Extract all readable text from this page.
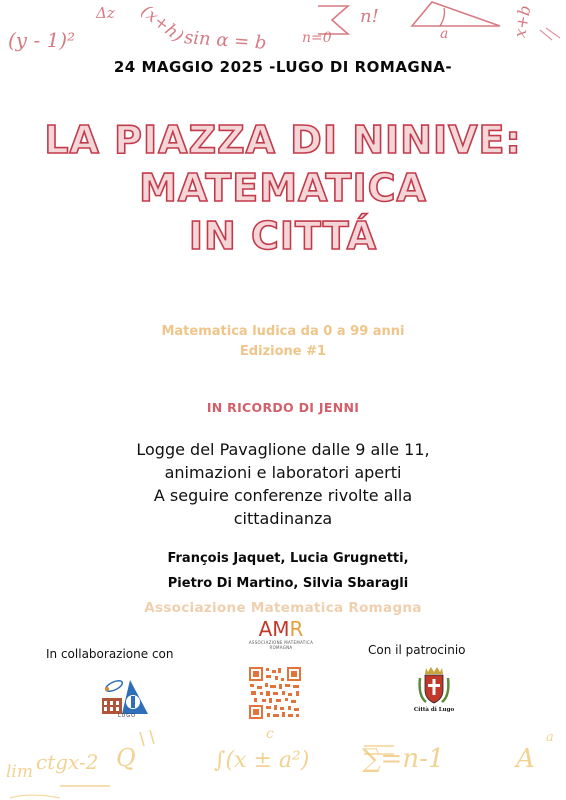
(y - 1)²
Δz (x+h)
sin α = b n=0
n!
a	x+b
24 MAGGIO 2025 -LUGO DI ROMAGNA-
LA PIAZZA DI NINIVE:
MATEMATICA
IN CITTÁ
Matematica ludica da 0 a 99 anni
Edizione #1
IN RICORDO DI JENNI
Logge del Pavaglione dalle 9 alle 11,
animazioni e laboratori aperti
A seguire conferenze rivolte alla
cittadinanza
François Jaquet, Lucia Grugnetti,
Pietro Di Martino, Silvia Sbaragli
Associazione Matematica Romagna
In collaborazione con	Con il patrocinio
AMR
ASSOCIAZIONE MATEMATICA
ROMAGNA
LUGO
Città di Lugo
lim ctgx-2 Q	∫(x ± a²)
c
∑=n-1	A
a
